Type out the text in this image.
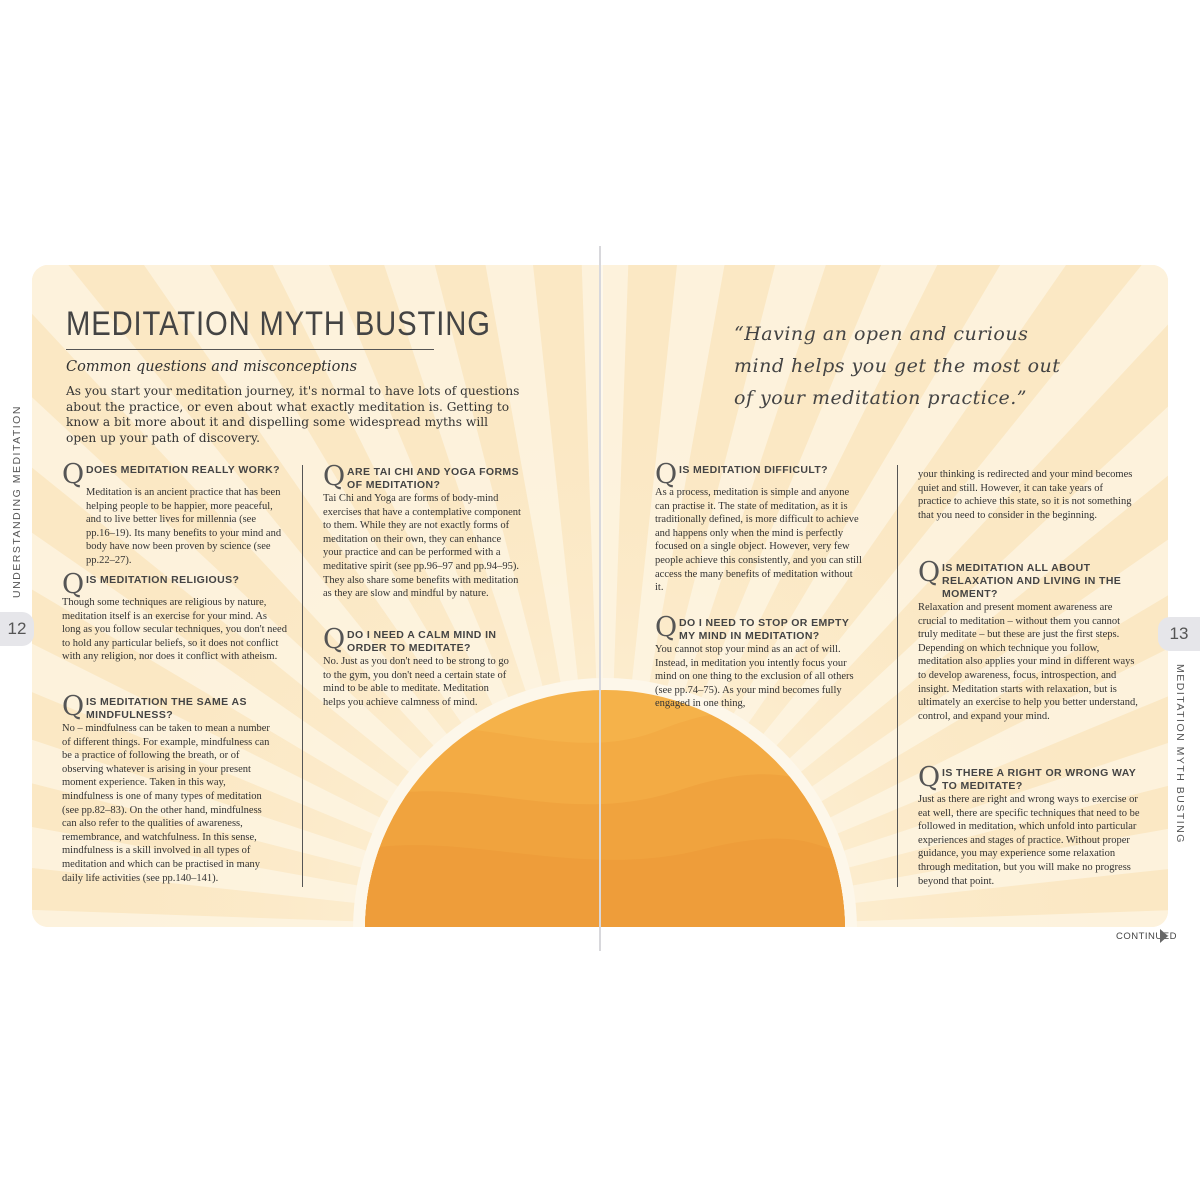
MEDITATION MYTH BUSTING
Common questions and misconceptions
As you start your meditation journey, it's normal to have lots of questions about the practice, or even about what exactly meditation is. Getting to know a bit more about it and dispelling some widespread myths will open up your path of discovery.
12
UNDERSTANDING MEDITATION Q DOES MEDITATION REALLY WORK?
Meditation is an ancient practice that has been helping people to be happier, more peaceful, and to live better lives for millennia (see pp.16–19). Its many benefits to your mind and body have now been proven by science (see pp.22–27).
Q IS MEDITATION RELIGIOUS?
Though some techniques are religious by nature, meditation itself is an exercise for your mind. As long as you follow secular techniques, you don't need to hold any particular beliefs, so it does not conflict with any religion, nor does it conflict with atheism.
Q IS MEDITATION THE SAME AS MINDFULNESS?
No – mindfulness can be taken to mean a number of different things. For example, mindfulness can be a practice of following the breath, or of observing whatever is arising in your present moment experience. Taken in this way, mindfulness is one of many types of meditation (see pp.82–83). On the other hand, mindfulness can also refer to the qualities of awareness, remembrance, and watchfulness. In this sense, mindfulness is a skill involved in all types of meditation and which can be practised in many daily life activities (see pp.140–141).
Q ARE TAI CHI AND YOGA FORMS OF MEDITATION?
Tai Chi and Yoga are forms of body-mind exercises that have a contemplative component to them. While they are not exactly forms of meditation on their own, they can enhance your practice and can be performed with a meditative spirit (see pp.96–97 and pp.94–95). They also share some benefits with meditation as they are slow and mindful by nature.
Q DO I NEED A CALM MIND IN ORDER TO MEDITATE?
No. Just as you don't need to be strong to go to the gym, you don't need a certain state of mind to be able to meditate. Meditation helps you achieve calmness of mind.
“Having an open and curious mind helps you get the most out of your meditation practice.”
Q IS MEDITATION DIFFICULT?
As a process, meditation is simple and anyone can practise it. The state of meditation, as it is traditionally defined, is more difficult to achieve and happens only when the mind is perfectly focused on a single object. However, very few people achieve this consistently, and you can still access the many benefits of meditation without it.
Q DO I NEED TO STOP OR EMPTY MY MIND IN MEDITATION?
You cannot stop your mind as an act of will. Instead, in meditation you intently focus your mind on one thing to the exclusion of all others (see pp.74–75). As your mind becomes fully engaged in one thing,
your thinking is redirected and your mind becomes quiet and still. However, it can take years of practice to achieve this state, so it is not something that you need to consider in the beginning.
Q IS MEDITATION ALL ABOUT RELAXATION AND LIVING IN THE MOMENT?
Relaxation and present moment awareness are crucial to meditation – without them you cannot truly meditate – but these are just the first steps. Depending on which technique you follow, meditation also applies your mind in different ways to develop awareness, focus, introspection, and insight. Meditation starts with relaxation, but is ultimately an exercise to help you better understand, control, and expand your mind.
Q IS THERE A RIGHT OR WRONG WAY TO MEDITATE?
Just as there are right and wrong ways to exercise or eat well, there are specific techniques that need to be followed in meditation, which unfold into particular experiences and stages of practice. Without proper guidance, you may experience some relaxation through meditation, but you will make no progress beyond that point.
13
MEDITATION MYTH BUSTING
CONTINUED
